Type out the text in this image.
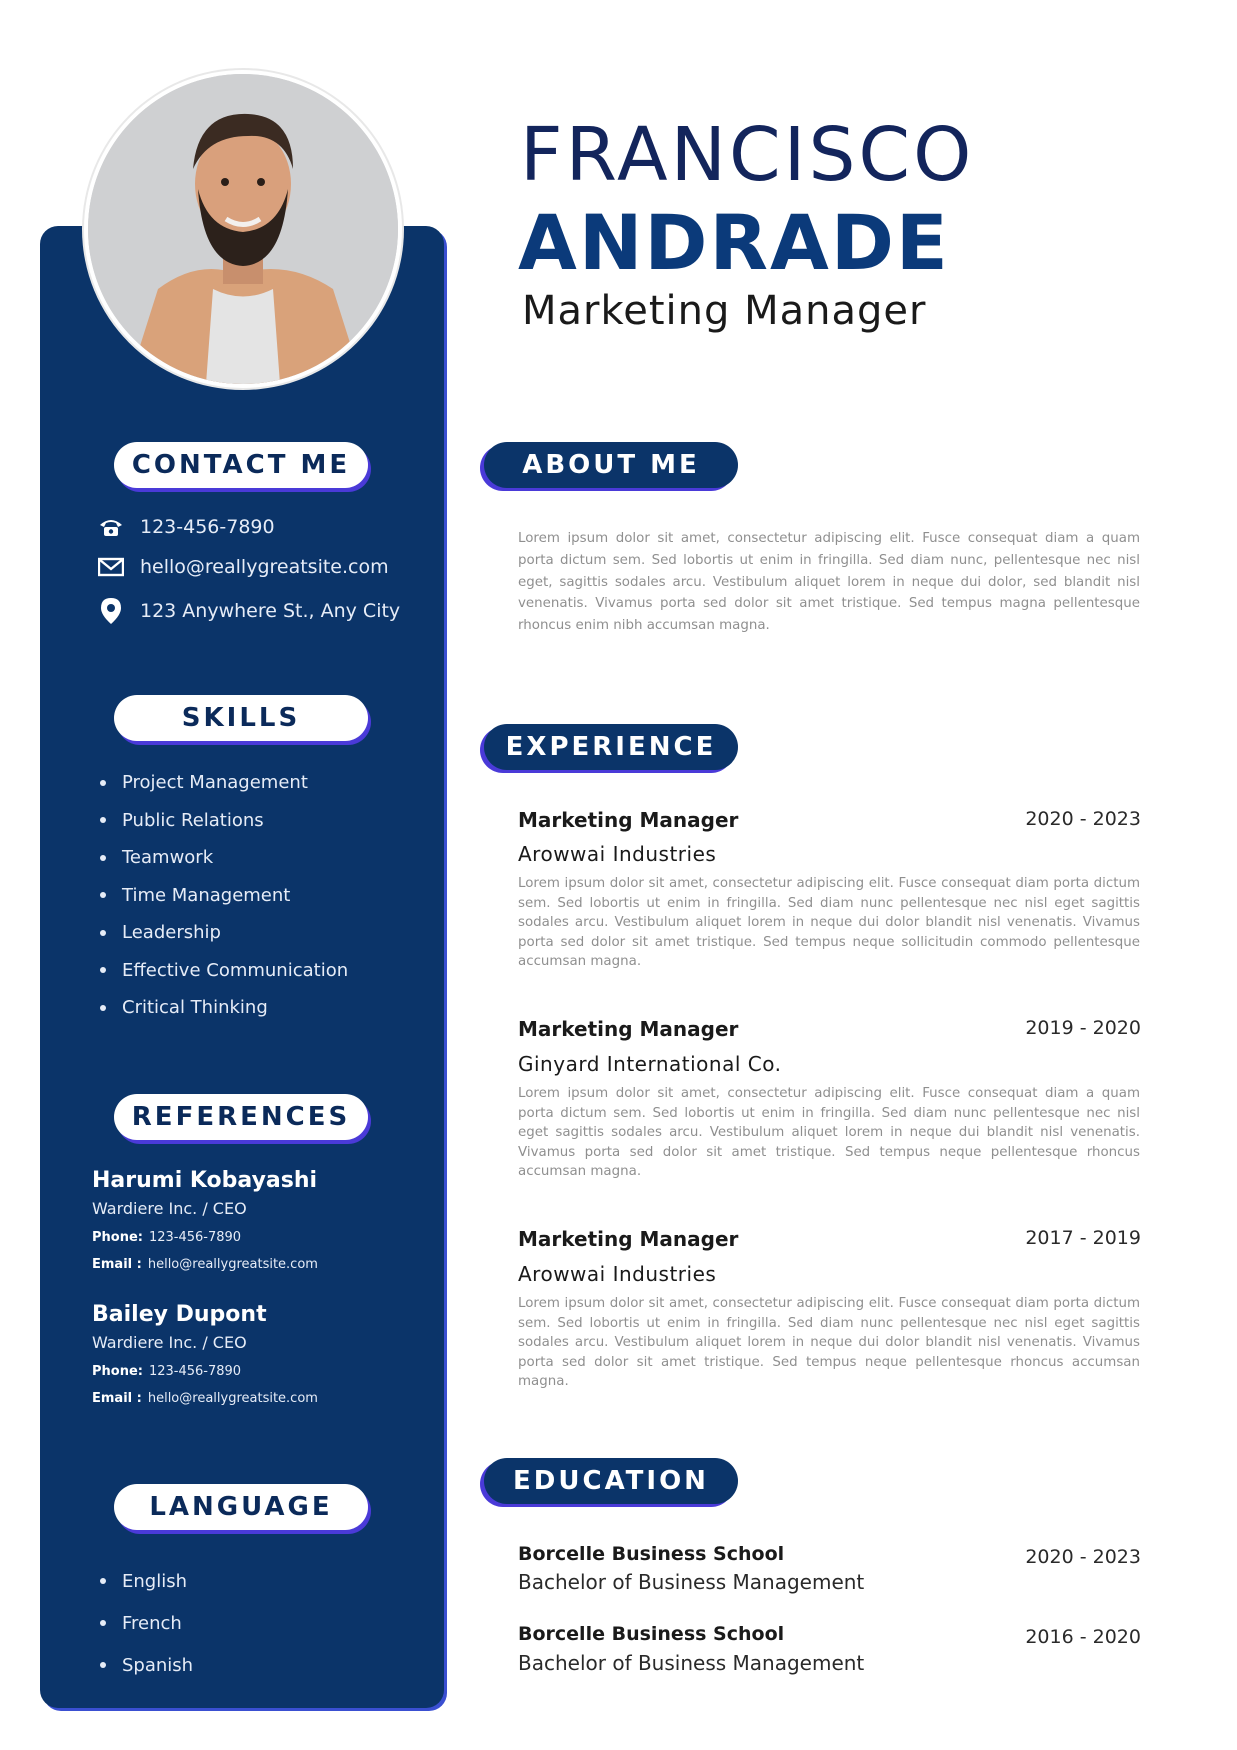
CONTACT ME
123-456-7890
hello@reallygreatsite.com
123 Anywhere St., Any City
SKILLS
Project Management
Public Relations
Teamwork
Time Management
Leadership
Effective Communication
Critical Thinking
REFERENCES
Harumi Kobayashi
Wardiere Inc. / CEO
Phone: 123-456-7890
Email : hello@reallygreatsite.com
Bailey Dupont
Wardiere Inc. / CEO
Phone: 123-456-7890
Email : hello@reallygreatsite.com
LANGUAGE
English
French
Spanish
FRANCISCO
ANDRADE
Marketing Manager
ABOUT ME

Lorem ipsum dolor sit amet, consectetur adipiscing elit. Fusce consequat diam a quam porta dictum sem. Sed lobortis ut enim in fringilla. Sed diam nunc, pellentesque nec nisl eget, sagittis sodales arcu. Vestibulum aliquet lorem in neque dui dolor, sed blandit nisl venenatis. Vivamus porta sed dolor sit amet tristique. Sed tempus magna pellentesque rhoncus enim nibh accumsan magna.

EXPERIENCE
Marketing Manager	2020 - 2023
Arowwai Industries

Lorem ipsum dolor sit amet, consectetur adipiscing elit. Fusce consequat diam porta dictum sem. Sed lobortis ut enim in fringilla. Sed diam nunc pellentesque nec nisl eget sagittis sodales arcu. Vestibulum aliquet lorem in neque dui dolor blandit nisl venenatis. Vivamus porta sed dolor sit amet tristique. Sed tempus neque sollicitudin commodo pellentesque accumsan magna.

Marketing Manager	2019 - 2020
Ginyard International Co.

Lorem ipsum dolor sit amet, consectetur adipiscing elit. Fusce consequat diam a quam porta dictum sem. Sed lobortis ut enim in fringilla. Sed diam nunc pellentesque nec nisl eget sagittis sodales arcu. Vestibulum aliquet lorem in neque dui blandit nisl venenatis. Vivamus porta sed dolor sit amet tristique. Sed tempus neque pellentesque rhoncus accumsan magna.

Marketing Manager	2017 - 2019
Arowwai Industries

Lorem ipsum dolor sit amet, consectetur adipiscing elit. Fusce consequat diam porta dictum sem. Sed lobortis ut enim in fringilla. Sed diam nunc pellentesque nec nisl eget sagittis sodales arcu. Vestibulum aliquet lorem in neque dui dolor blandit nisl venenatis. Vivamus porta sed dolor sit amet tristique. Sed tempus neque pellentesque rhoncus accumsan magna.

EDUCATION
Borcelle Business School	2020 - 2023
Bachelor of Business Management
Borcelle Business School	2016 - 2020
Bachelor of Business Management
